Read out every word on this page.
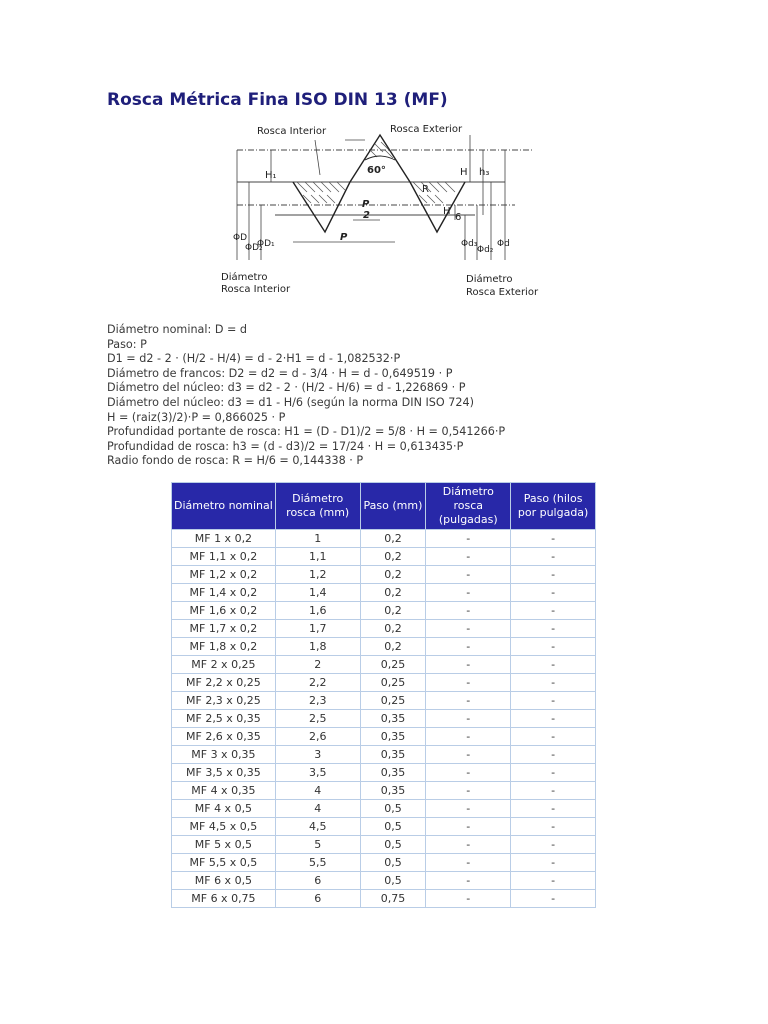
Rosca Métrica Fina ISO DIN 13 (MF)
Rosca Interior	Rosca Exterior
60°
H₁	H h₃
R
P
2	H
6
P
ΦD
ΦD₂
ΦD₁	Φd₃
Φd₂
Φd
Diámetro
Rosca Interior
Diámetro
Rosca Exterior
Diámetro nominal: D = d
Paso: P
D1 = d2 - 2 · (H/2 - H/4) = d - 2·H1 = d - 1,082532·P
Diámetro de francos: D2 = d2 = d - 3/4 · H = d - 0,649519 · P
Diámetro del núcleo: d3 = d2 - 2 · (H/2 - H/6) = d - 1,226869 · P
Diámetro del núcleo: d3 = d1 - H/6 (según la norma DIN ISO 724)
H = (raiz(3)/2)·P = 0,866025 · P
Profundidad portante de rosca: H1 = (D - D1)/2 = 5/8 · H = 0,541266·P
Profundidad de rosca: h3 = (d - d3)/2 = 17/24 · H = 0,613435·P
Radio fondo de rosca: R = H/6 = 0,144338 · P
Diámetro nominal	Diámetro rosca (mm)	Paso (mm)	Diámetro rosca (pulgadas)	Paso (hilos por pulgada)
MF 1 x 0,2	1	0,2	-	-
MF 1,1 x 0,2	1,1	0,2	-	-
MF 1,2 x 0,2	1,2	0,2	-	-
MF 1,4 x 0,2	1,4	0,2	-	-
MF 1,6 x 0,2	1,6	0,2	-	-
MF 1,7 x 0,2	1,7	0,2	-	-
MF 1,8 x 0,2	1,8	0,2	-	-
MF 2 x 0,25	2	0,25	-	-
MF 2,2 x 0,25	2,2	0,25	-	-
MF 2,3 x 0,25	2,3	0,25	-	-
MF 2,5 x 0,35	2,5	0,35	-	-
MF 2,6 x 0,35	2,6	0,35	-	-
MF 3 x 0,35	3	0,35	-	-
MF 3,5 x 0,35	3,5	0,35	-	-
MF 4 x 0,35	4	0,35	-	-
MF 4 x 0,5	4	0,5	-	-
MF 4,5 x 0,5	4,5	0,5	-	-
MF 5 x 0,5	5	0,5	-	-
MF 5,5 x 0,5	5,5	0,5	-	-
MF 6 x 0,5	6	0,5	-	-
MF 6 x 0,75	6	0,75	-	-
